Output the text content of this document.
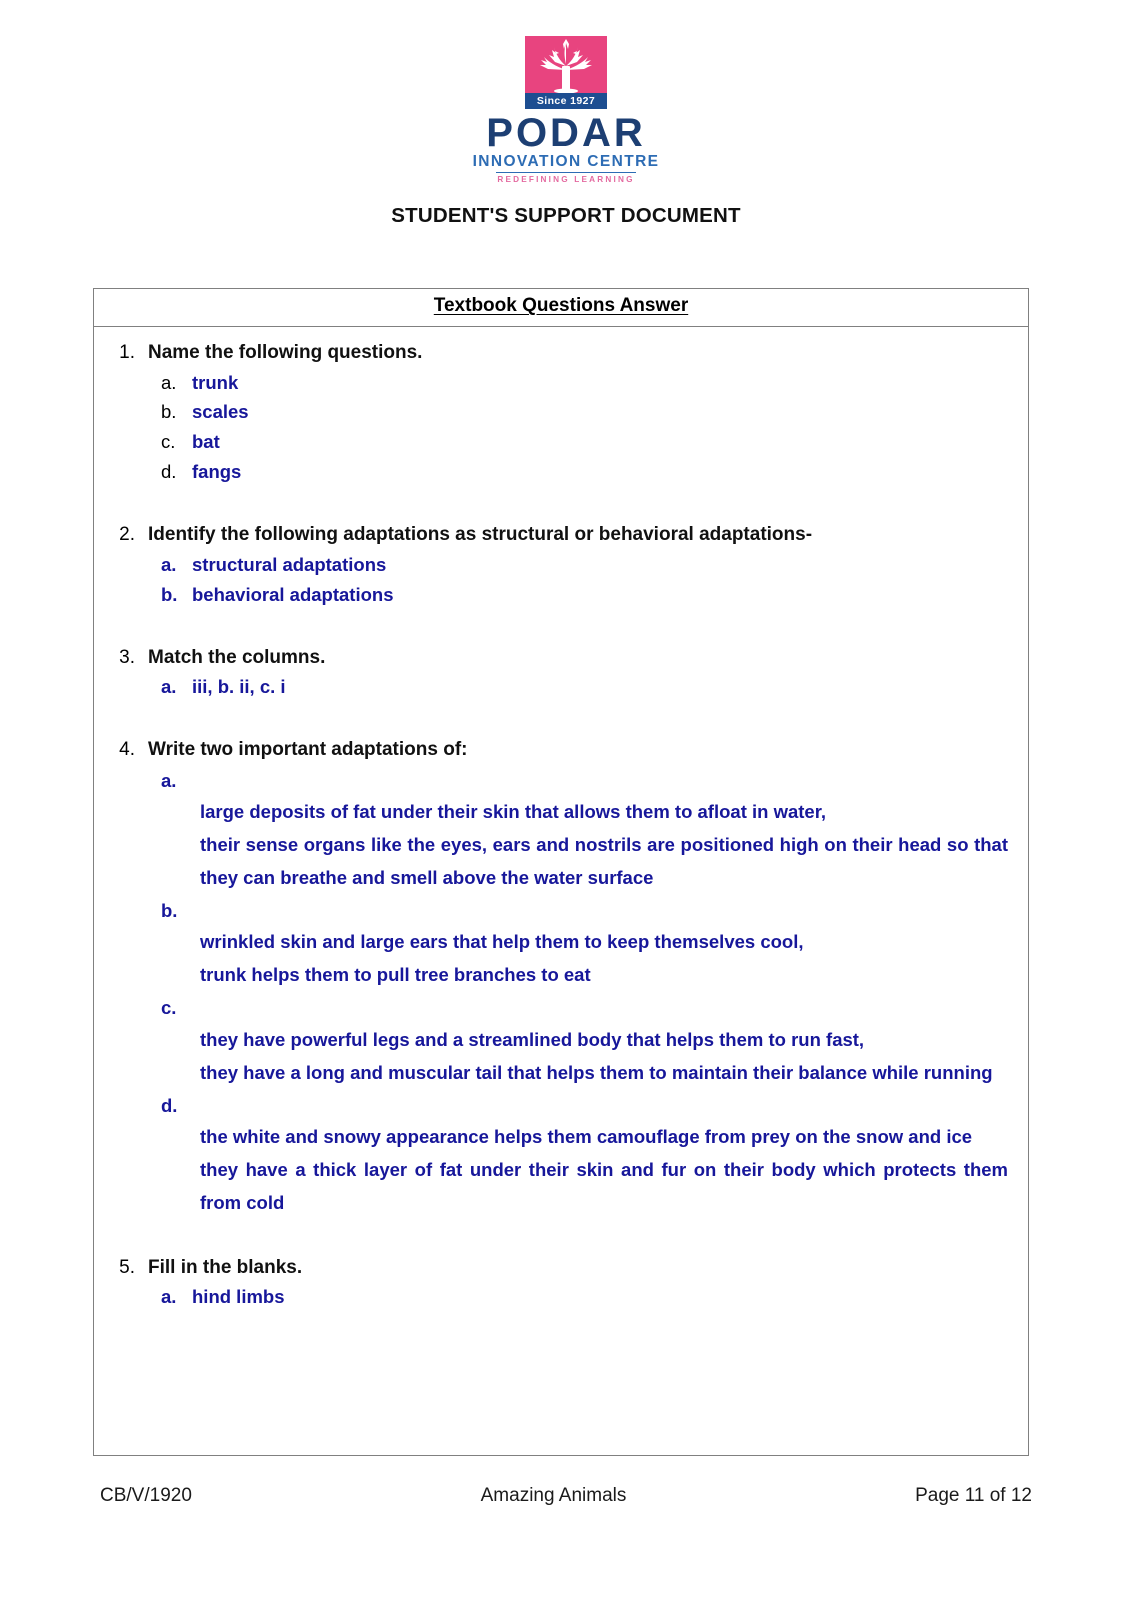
Since 1927
PODAR
INNOVATION CENTRE
REDEFINING LEARNING
STUDENT'S SUPPORT DOCUMENT
Textbook Questions Answer
1. Name the following questions.
a. trunk
b. scales
c. bat
d. fangs
2. Identify the following adaptations as structural or behavioral adaptations-
a. structural adaptations
b. behavioral adaptations
3. Match the columns.
a. iii, b. ii, c. i
4. Write two important adaptations of:
a.
large deposits of fat under their skin that allows them to afloat in water,
their sense organs like the eyes, ears and nostrils are positioned high on their head so that they can breathe and smell above the water surface
b.
wrinkled skin and large ears that help them to keep themselves cool,
trunk helps them to pull tree branches to eat
c.
they have powerful legs and a streamlined body that helps them to run fast,
they have a long and muscular tail that helps them to maintain their balance while running
d.
the white and snowy appearance helps them camouflage from prey on the snow and ice
they have a thick layer of fat under their skin and fur on their body which protects them from cold
5. Fill in the blanks.
a. hind limbs
CB/V/1920	Amazing Animals	Page 11 of 12
